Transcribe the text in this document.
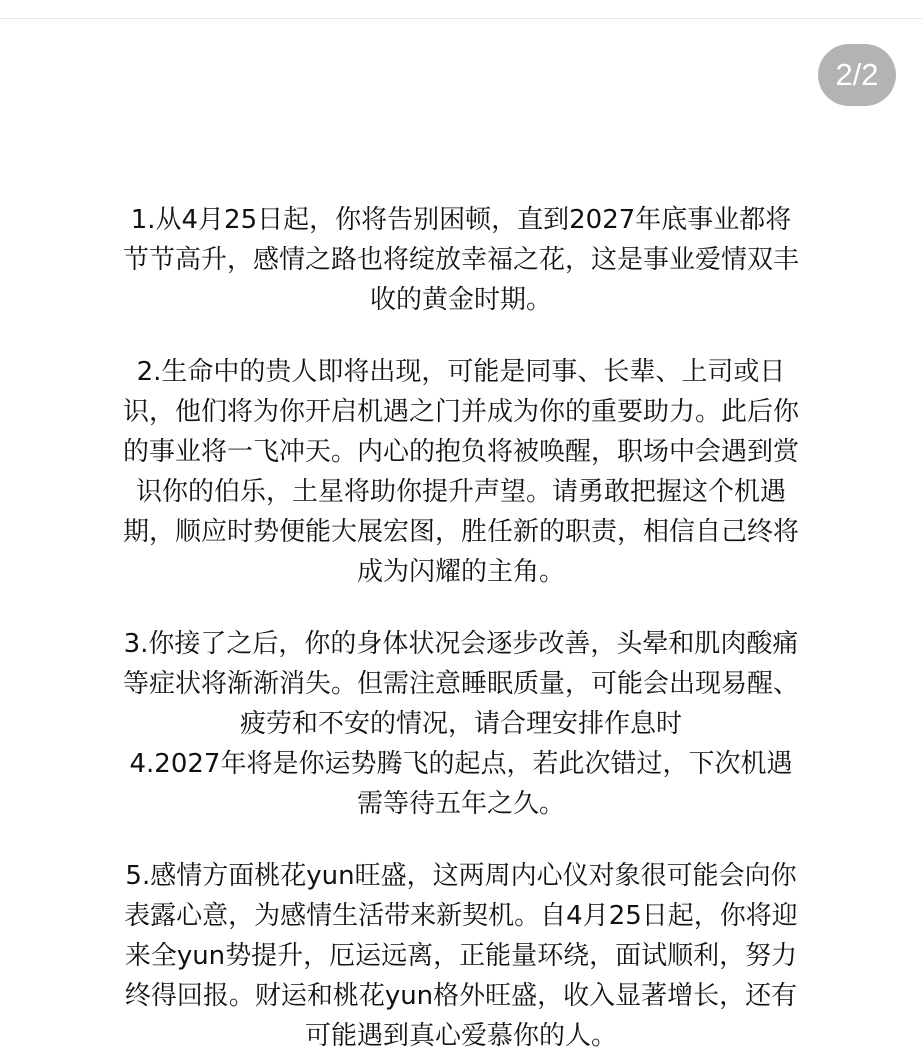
2/2
1.从4月25日起，你将告别困顿，直到2027年底事业都将
节节高升，感情之路也将绽放幸福之花，这是事业爱情双丰
收的黄金时期。
2.生命中的贵人即将出现，可能是同事、长辈、上司或日
识，他们将为你开启机遇之门并成为你的重要助力。此后你
的事业将一飞冲天。内心的抱负将被唤醒，职场中会遇到赏
识你的伯乐，土星将助你提升声望。请勇敢把握这个机遇
期，顺应时势便能大展宏图，胜任新的职责，相信自己终将
成为闪耀的主角。
3.你接了之后，你的身体状况会逐步改善，头晕和肌肉酸痛
等症状将渐渐消失。但需注意睡眠质量，可能会出现易醒、
疲劳和不安的情况，请合理安排作息时
4.2027年将是你运势腾飞的起点，若此次错过，下次机遇
需等待五年之久。
5.感情方面桃花yun旺盛，这两周内心仪对象很可能会向你
表露心意，为感情生活带来新契机。自4月25日起，你将迎
来全yun势提升，厄运远离，正能量环绕，面试顺利，努力
终得回报。财运和桃花yun格外旺盛，收入显著增长，还有
可能遇到真心爱慕你的人。
